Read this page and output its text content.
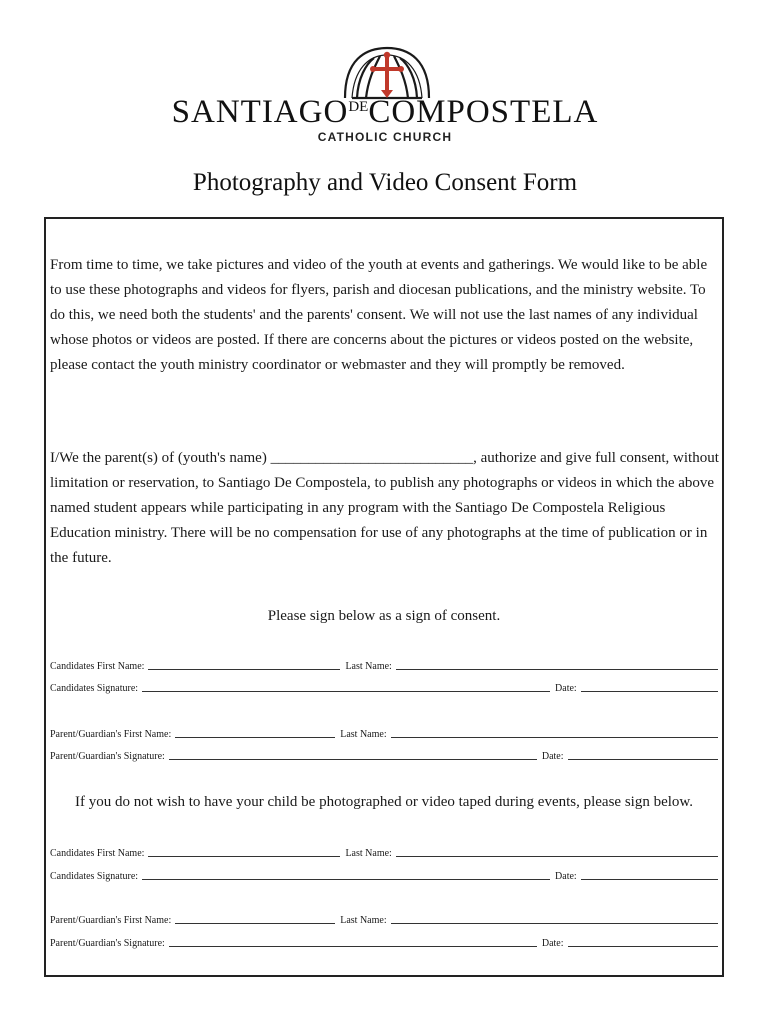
$SANTIAGO^{DE}COMPOSTELA$
CATHOLIC CHURCH
Photography and Video Consent Form

From time to time, we take pictures and video of the youth at events and gatherings. We would like to be able to use these photographs and videos for flyers, parish and diocesan publications, and the ministry website. To do this, we need both the students' and the parents' consent. We will not use the last names of any individual whose photos or videos are posted. If there are concerns about the pictures or videos posted on the website, please contact the youth ministry coordinator or webmaster and they will promptly be removed.

I/We the parent(s) of (youth's name) ___________________________, authorize and give full consent, without limitation or reservation, to Santiago De Compostela, to publish any photographs or videos in which the above named student appears while participating in any program with the Santiago De Compostela Religious Education ministry. There will be no compensation for use of any photographs at the time of publication or in the future.

Please sign below as a sign of consent.
Candidates First Name:	Last Name:
Candidates Signature:	Date:
Parent/Guardian's First Name:	Last Name:
Parent/Guardian's Signature:	Date:
If you do not wish to have your child be photographed or video taped during events, please sign below.
Candidates First Name:	Last Name:
Candidates Signature:	Date:
Parent/Guardian's First Name:	Last Name:
Parent/Guardian's Signature:	Date:
